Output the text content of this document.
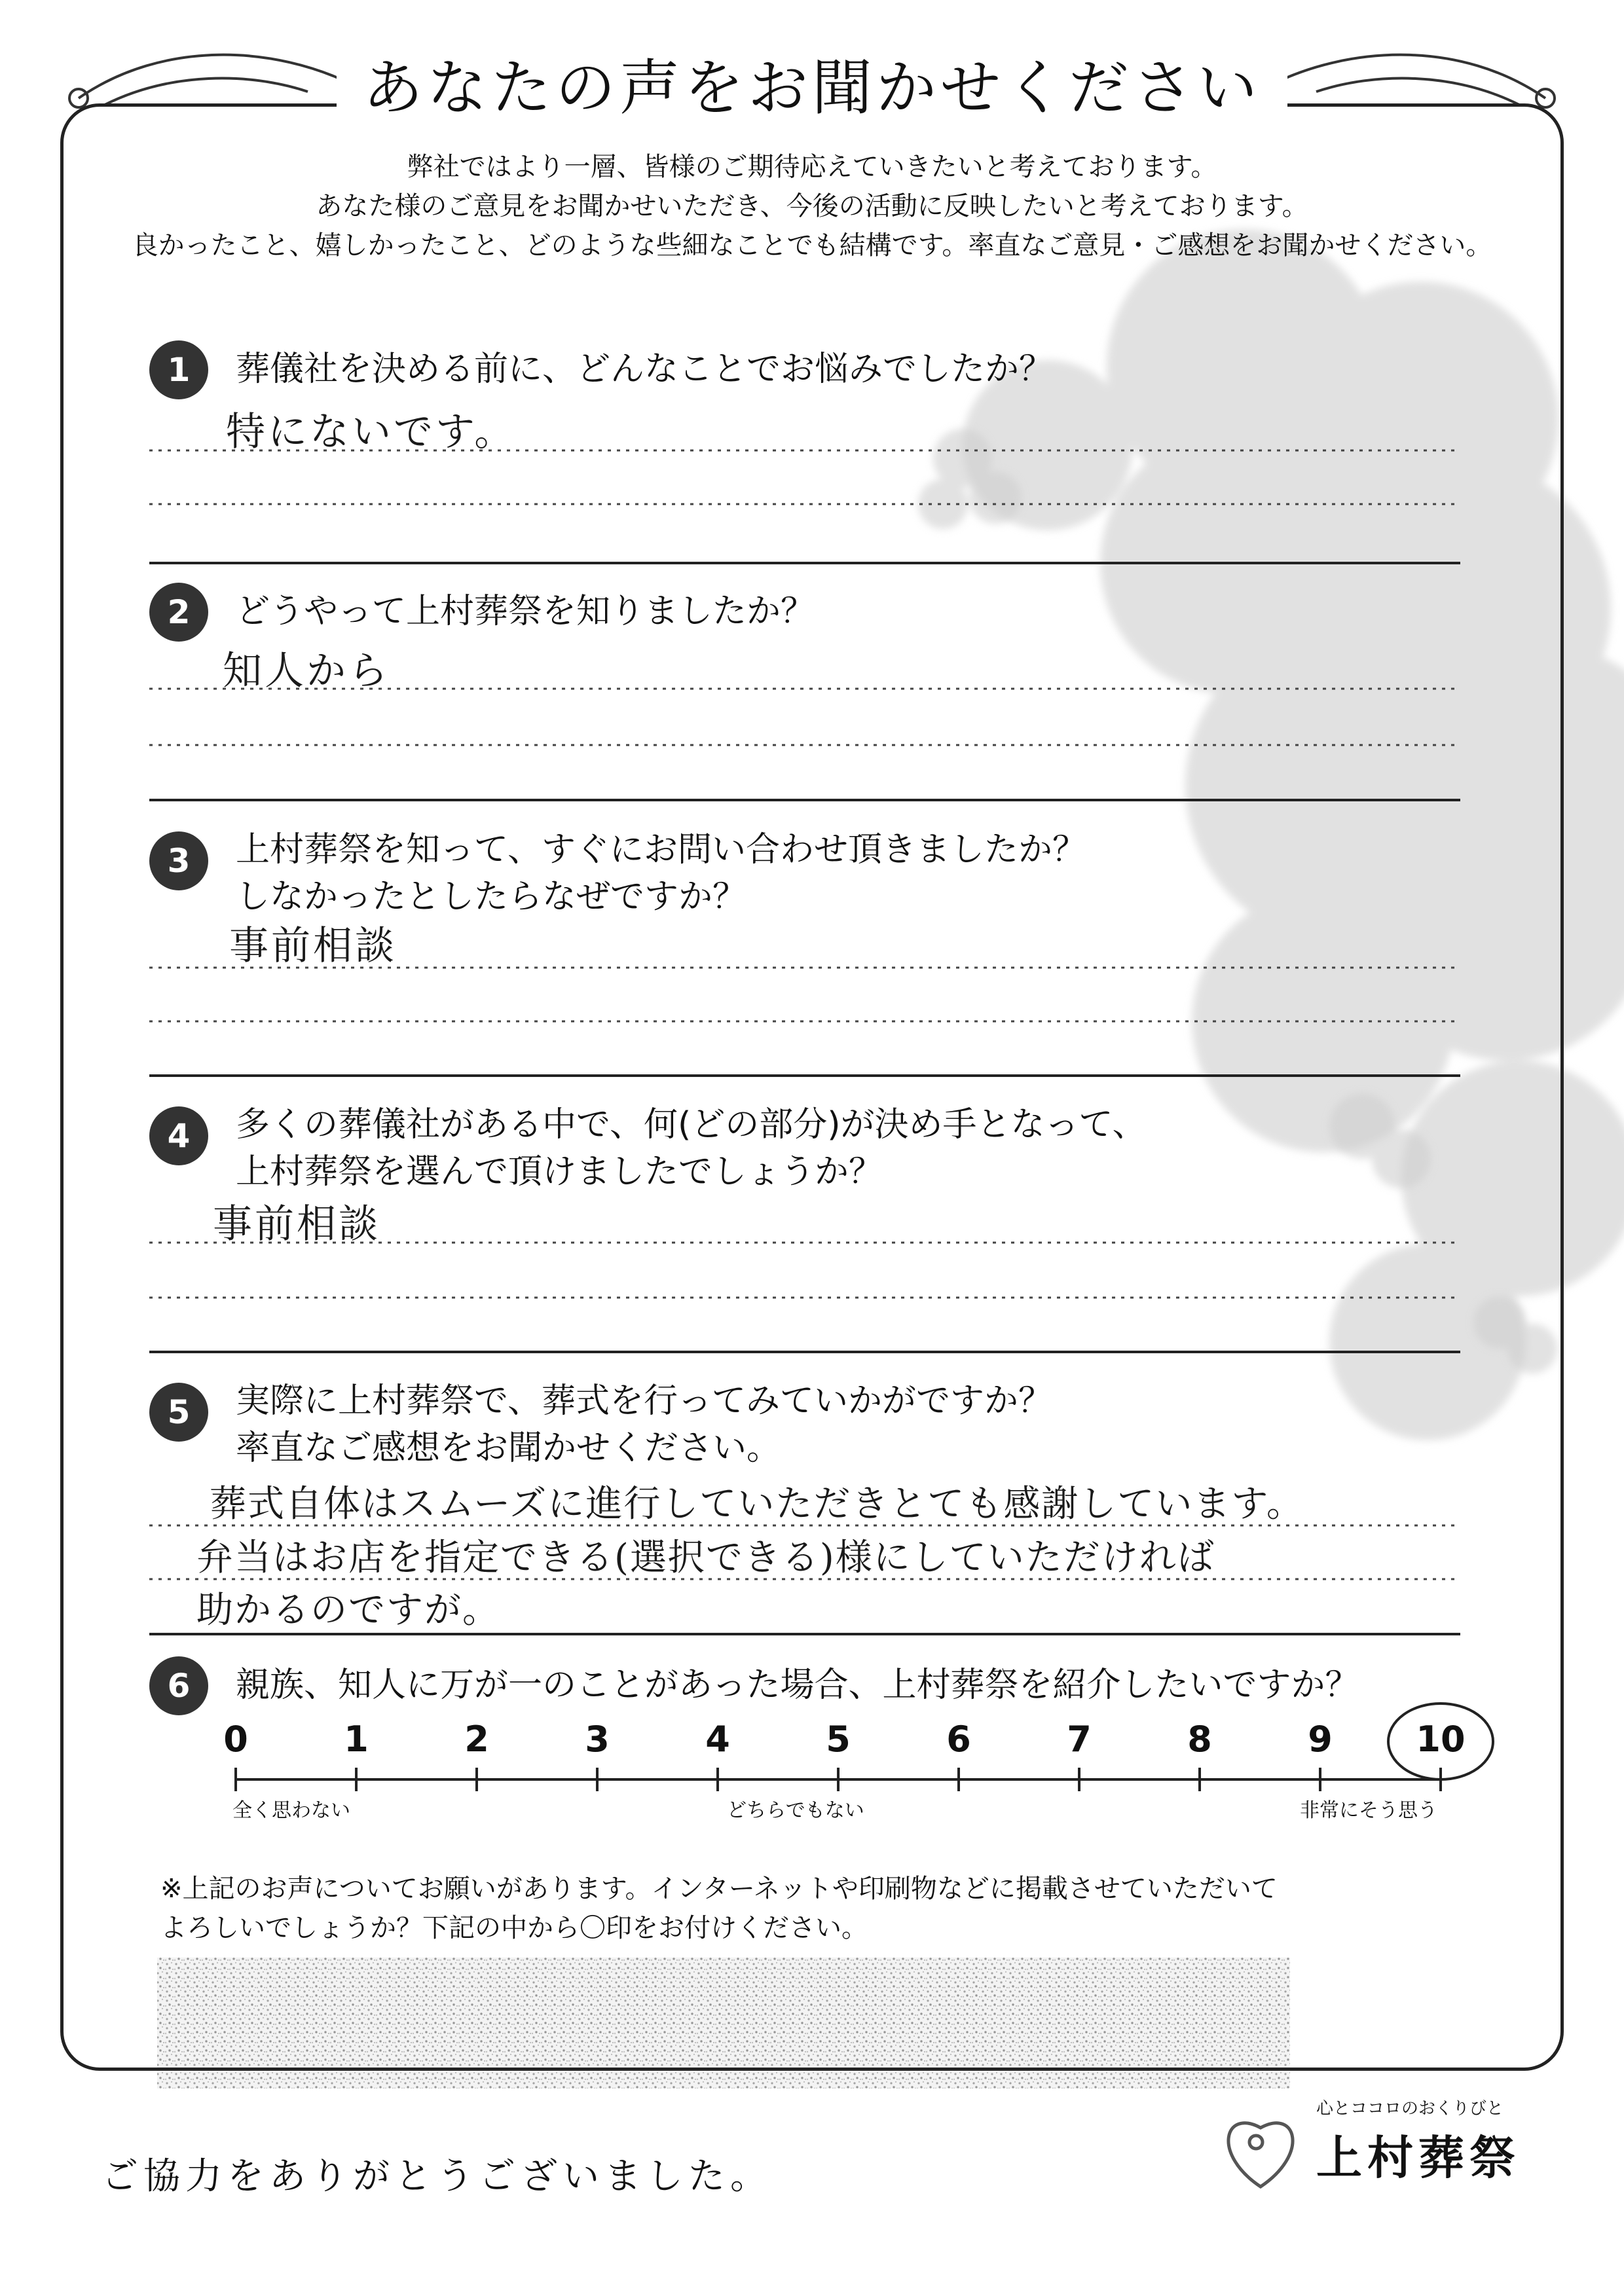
あなたの声をお聞かせください
弊社ではより一層、皆様のご期待応えていきたいと考えております。
あなた様のご意見をお聞かせいただき、今後の活動に反映したいと考えております。
良かったこと、嬉しかったこと、どのような些細なことでも結構です。率直なご意見・ご感想をお聞かせください。
1	葬儀社を決める前に、どんなことでお悩みでしたか？
特にないです。
2	どうやって上村葬祭を知りましたか？
知人から
3	上村葬祭を知って、すぐにお問い合わせ頂きましたか？
しなかったとしたらなぜですか？
事前相談
4	多くの葬儀社がある中で、何(どの部分)が決め手となって、
上村葬祭を選んで頂けましたでしょうか？
事前相談
5	実際に上村葬祭で、葬式を行ってみていかがですか？
率直なご感想をお聞かせください。
葬式自体はスムーズに進行していただきとても感謝しています。
弁当はお店を指定できる(選択できる)様にしていただければ
助かるのですが。
6	親族、知人に万が一のことがあった場合、上村葬祭を紹介したいですか？
0	1	2	3	4	5	6	7	8	9	10
全く思わない	どちらでもない	非常にそう思う
※上記のお声についてお願いがあります。インターネットや印刷物などに掲載させていただいて
よろしいでしょうか？下記の中から〇印をお付けください。
ご協力をありがとうございました。
心とココロのおくりびと
上村葬祭
